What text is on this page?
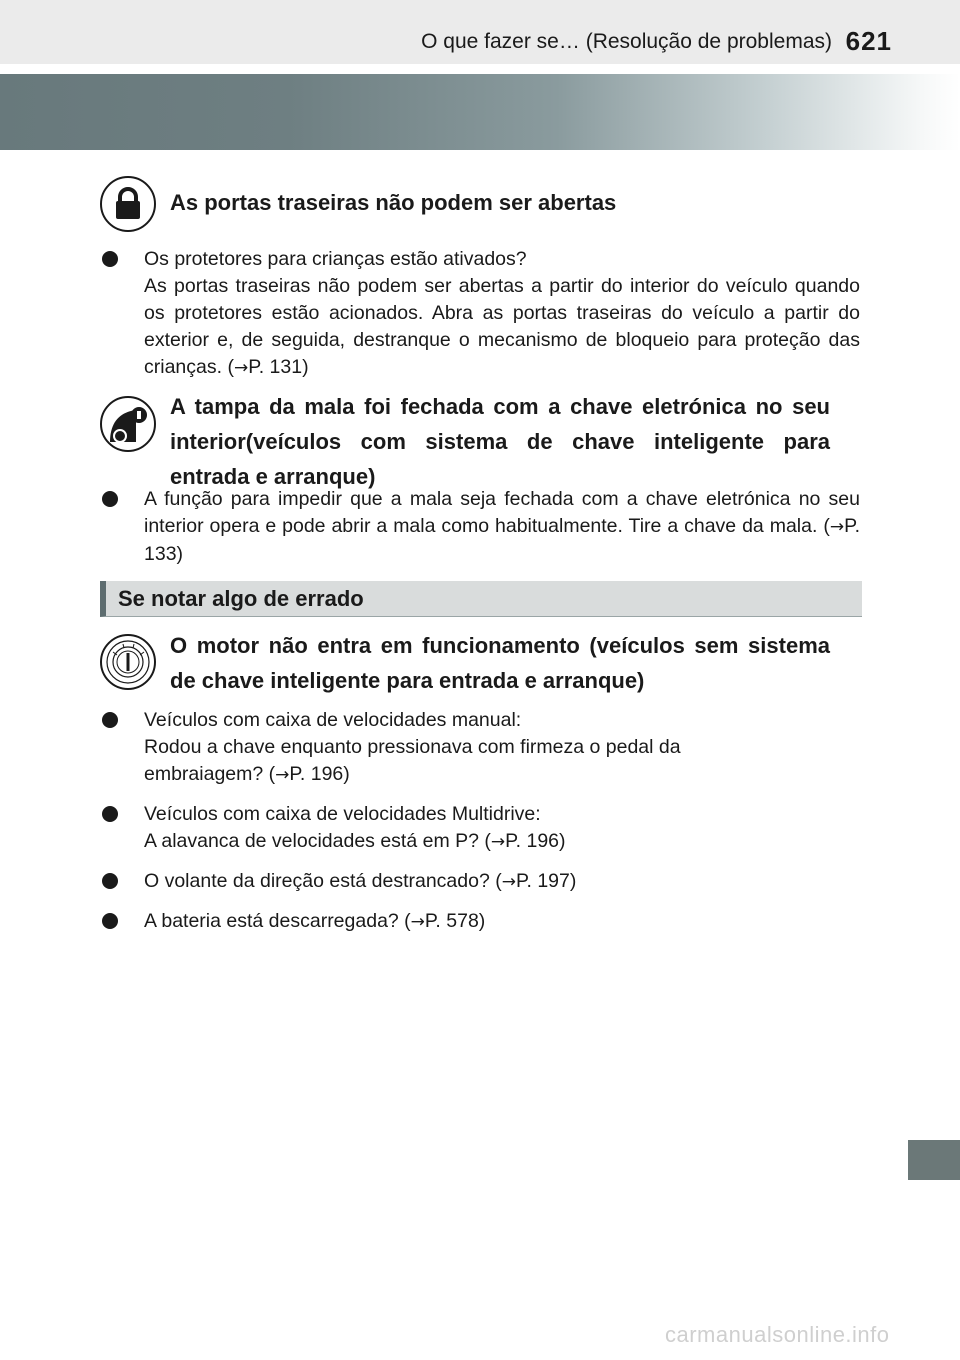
O que fazer se… (Resolução de problemas) 621
As portas traseiras não podem ser abertas

Os protetores para crianças estão ativados?

As portas traseiras não podem ser abertas a partir do interior do veículo quando os protetores estão acionados. Abra as portas traseiras do veículo a partir do exterior e, de seguida, destranque o mecanismo de bloqueio para proteção das crianças. (→P. 131)

A tampa da mala foi fechada com a chave eletrónica no seu interior(veículos com sistema de chave inteligente para entrada e arranque)

A função para impedir que a mala seja fechada com a chave eletrónica no seu interior opera e pode abrir a mala como habitualmente. Tire a chave da mala. (→P. 133)

Se notar algo de errado
O motor não entra em funcionamento (veículos sem sistema de chave inteligente para entrada e arranque)

Veículos com caixa de velocidades manual:

Rodou a chave enquanto pressionava com firmeza o pedal da embraiagem? (→P. 196)

Veículos com caixa de velocidades Multidrive:

A alavanca de velocidades está em P? (→P. 196)

O volante da direção está destrancado? (→P. 197)

A bateria está descarregada? (→P. 578)

carmanualsonline.info
